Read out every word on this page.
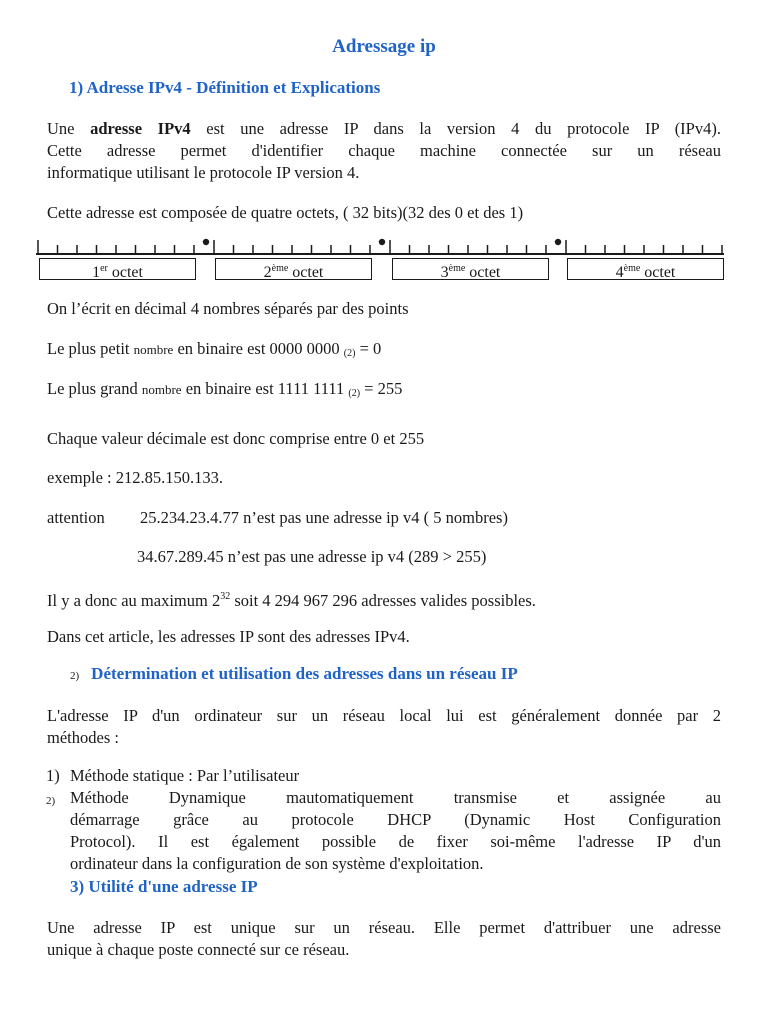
Adressage ip
1) Adresse IPv4 - Définition et Explications
Une adresse IPv4 est une adresse IP dans la version 4 du protocole IP (IPv4).
Cette adresse permet d'identifier chaque machine connectée sur un réseau
informatique utilisant le protocole IP version 4.
Cette adresse est composée de quatre octets, ( 32 bits)(32 des 0 et des 1)
1er octet	2ème octet	3ème octet	4ème octet
On l’écrit en décimal 4 nombres séparés par des points
Le plus petit nombre en binaire est 0000 0000 $_{(2)}$ = 0
Le plus grand nombre en binaire est 1111 1111 $_{(2)}$ = 255
Chaque valeur décimale est donc comprise entre 0 et 255
exemple : 212.85.150.133.
attention 25.234.23.4.77 n’est pas une adresse ip v4 ( 5 nombres)
34.67.289.45 n’est pas une adresse ip v4 (289 > 255)
Il y a donc au maximum $2^{32}$ soit 4 294 967 296 adresses valides possibles.
Dans cet article, les adresses IP sont des adresses IPv4.
2) Détermination et utilisation des adresses dans un réseau IP
L'adresse IP d'un ordinateur sur un réseau local lui est généralement donnée par 2
méthodes :
1) Méthode statique : Par l’utilisateur
2) Méthode Dynamique mautomatiquement transmise et assignée au
démarrage grâce au protocole DHCP (Dynamic Host Configuration
Protocol). Il est également possible de fixer soi-même l'adresse IP d'un
ordinateur dans la configuration de son système d'exploitation.
3) Utilité d'une adresse IP
Une adresse IP est unique sur un réseau. Elle permet d'attribuer une adresse
unique à chaque poste connecté sur ce réseau.
